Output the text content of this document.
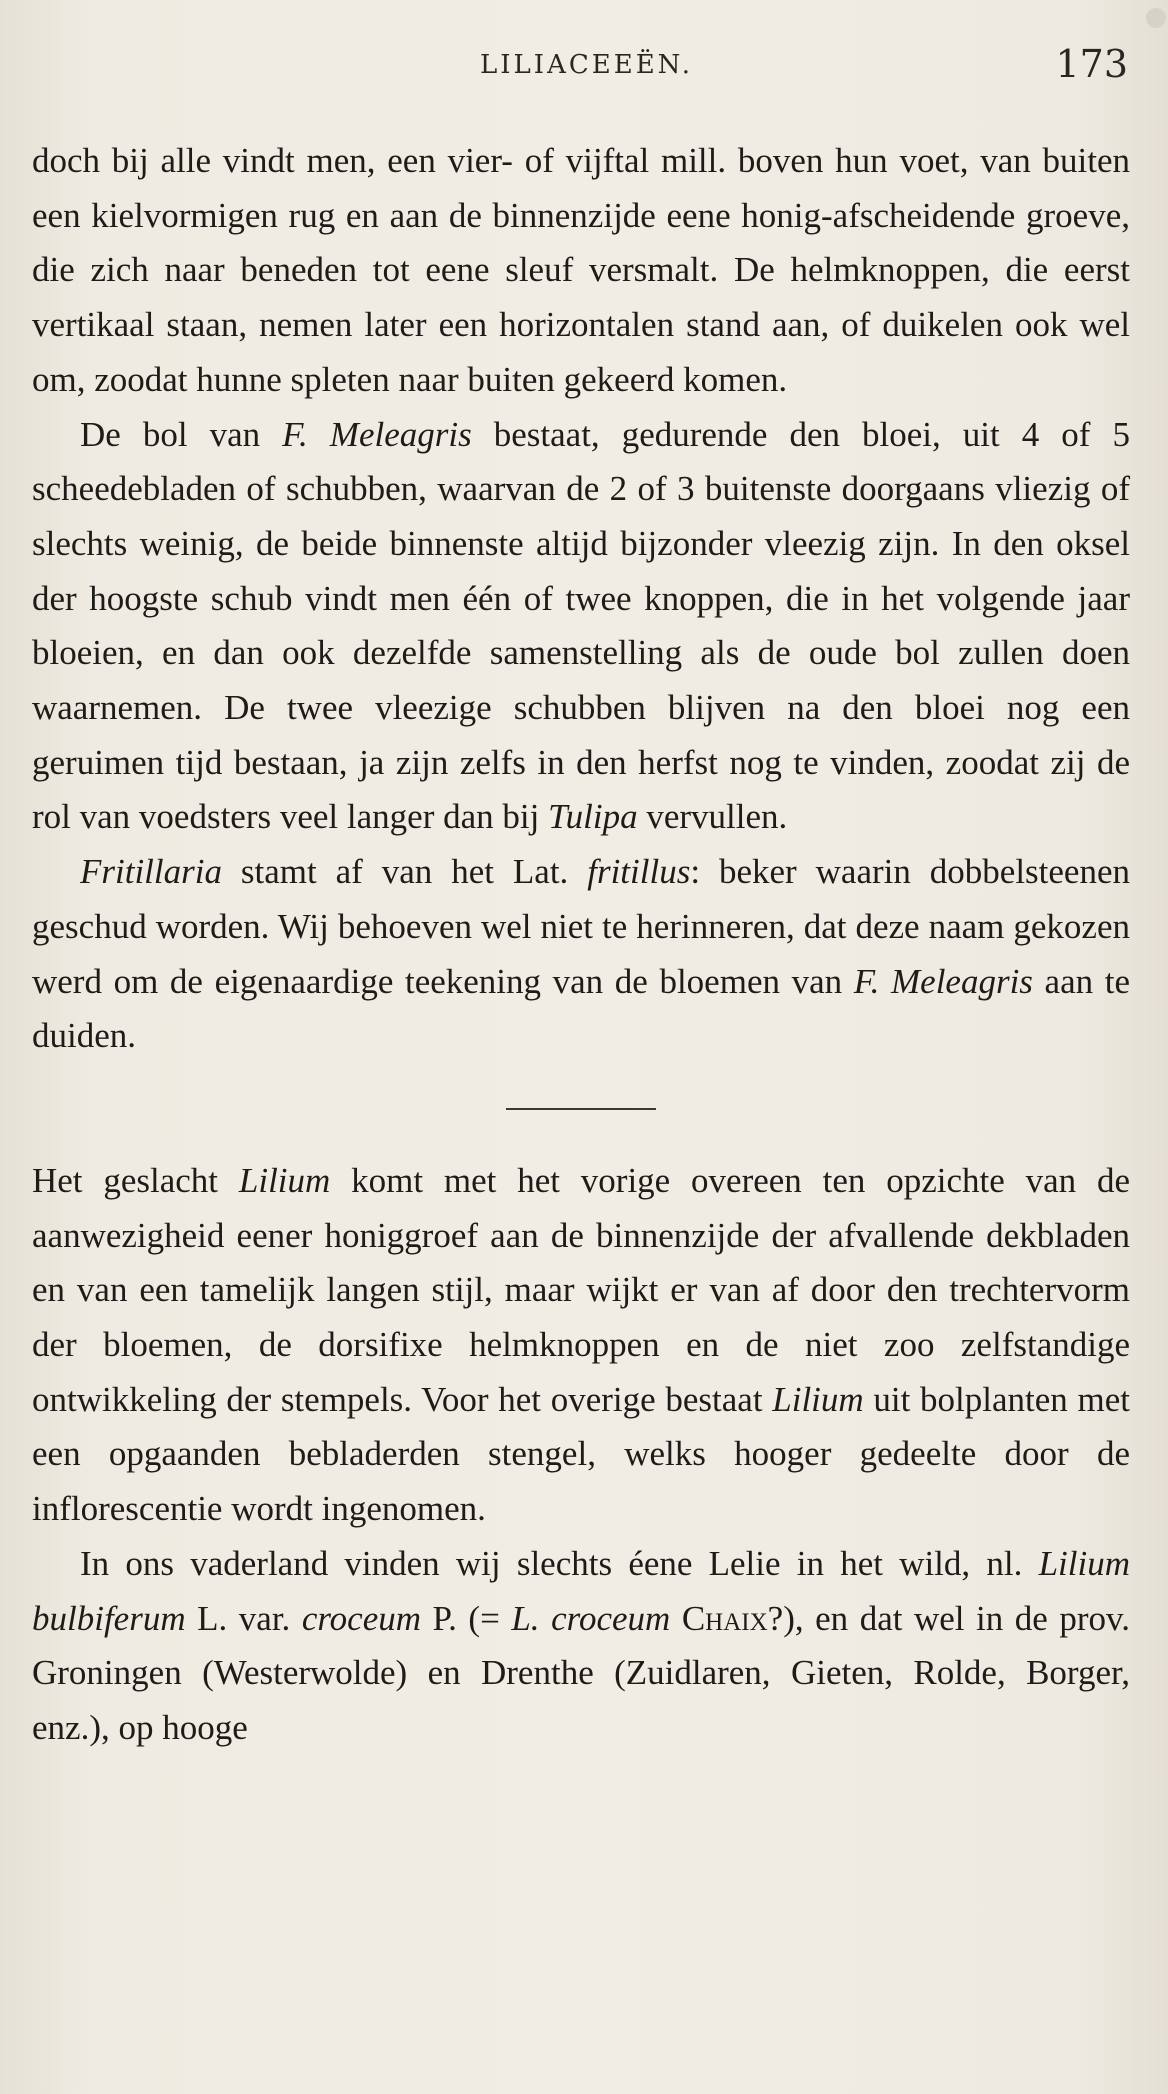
LILIACEEËN.	173

doch bij alle vindt men, een vier- of vijftal mill. boven hun voet, van buiten een kielvormigen rug en aan de binnenzijde eene honig-afscheidende groeve, die zich naar beneden tot eene sleuf versmalt. De helmknoppen, die eerst vertikaal staan, nemen later een horizontalen stand aan, of duikelen ook wel om, zoodat hunne spleten naar buiten gekeerd komen.

De bol van F. Meleagris bestaat, gedurende den bloei, uit 4 of 5 scheedebladen of schubben, waarvan de 2 of 3 buitenste doorgaans vliezig of slechts weinig, de beide binnenste altijd bijzonder vleezig zijn. In den oksel der hoogste schub vindt men één of twee knoppen, die in het volgende jaar bloeien, en dan ook dezelfde samenstelling als de oude bol zullen doen waarnemen. De twee vleezige schubben blijven na den bloei nog een geruimen tijd bestaan, ja zijn zelfs in den herfst nog te vinden, zoodat zij de rol van voedsters veel langer dan bij Tulipa vervullen.

Fritillaria stamt af van het Lat. fritillus: beker waarin dobbelsteenen geschud worden. Wij behoeven wel niet te herinneren, dat deze naam gekozen werd om de eigenaardige teekening van de bloemen van F. Meleagris aan te duiden.

Het geslacht Lilium komt met het vorige overeen ten opzichte van de aanwezigheid eener honiggroef aan de binnenzijde der afvallende dekbladen en van een tamelijk langen stijl, maar wijkt er van af door den trechtervorm der bloemen, de dorsifixe helmknoppen en de niet zoo zelfstandige ontwikkeling der stempels. Voor het overige bestaat Lilium uit bolplanten met een opgaanden bebladerden stengel, welks hooger gedeelte door de inflorescentie wordt ingenomen.

In ons vaderland vinden wij slechts éene Lelie in het wild, nl. Lilium bulbiferum L. var. croceum P. (= L. croceum Chaix?), en dat wel in de prov. Groningen (Westerwolde) en Drenthe (Zuidlaren, Gieten, Rolde, Borger, enz.), op hooge
